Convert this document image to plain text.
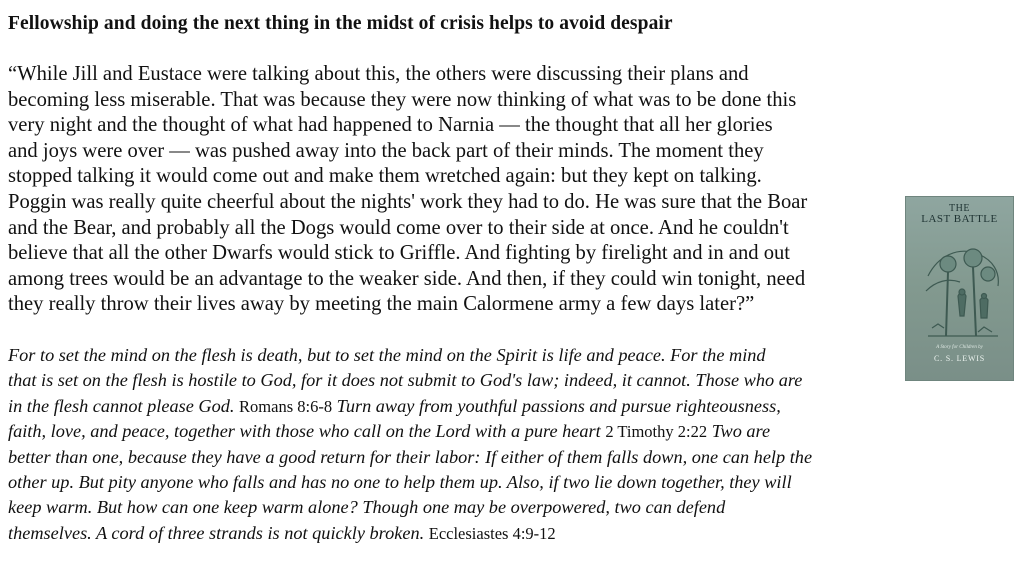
Fellowship and doing the next thing in the midst of crisis helps to avoid despair
“While Jill and Eustace were talking about this, the others were discussing their plans and
becoming less miserable. That was because they were now thinking of what was to be done this
very night and the thought of what had happened to Narnia — the thought that all her glories
and joys were over — was pushed away into the back part of their minds. The moment they
stopped talking it would come out and make them wretched again: but they kept on talking.
Poggin was really quite cheerful about the nights' work they had to do. He was sure that the Boar
and the Bear, and probably all the Dogs would come over to their side at once. And he couldn't
believe that all the other Dwarfs would stick to Griffle. And fighting by firelight and in and out
among trees would be an advantage to the weaker side. And then, if they could win tonight, need
they really throw their lives away by meeting the main Calormene army a few days later?”
For to set the mind on the flesh is death, but to set the mind on the Spirit is life and peace. For the mind
that is set on the flesh is hostile to God, for it does not submit to God's law; indeed, it cannot. Those who are
in the flesh cannot please God. Romans 8:6-8 Turn away from youthful passions and pursue righteousness,
faith, love, and peace, together with those who call on the Lord with a pure heart 2 Timothy 2:22 Two are
better than one, because they have a good return for their labor: If either of them falls down, one can help the
other up. But pity anyone who falls and has no one to help them up. Also, if two lie down together, they will
keep warm. But how can one keep warm alone? Though one may be overpowered, two can defend
themselves. A cord of three strands is not quickly broken. Ecclesiastes 4:9-12
THE
LAST BATTLE
A Story for Children by
C. S. LEWIS
